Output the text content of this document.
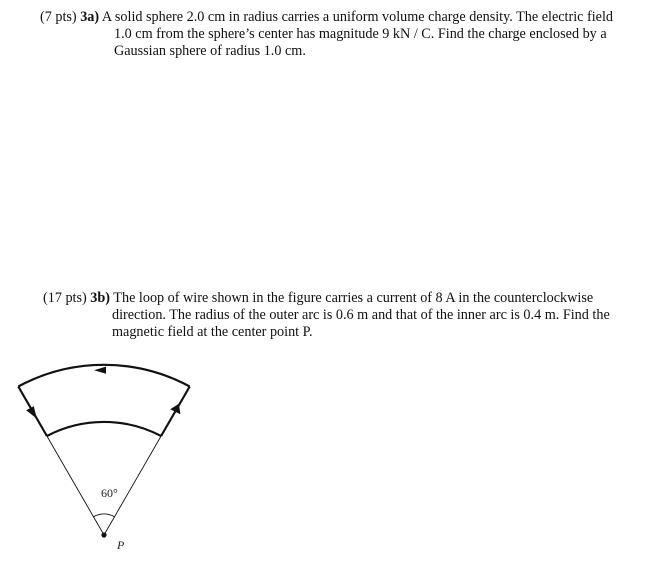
(7 pts) 3a) A solid sphere 2.0 cm in radius carries a uniform volume charge density. The electric field
1.0 cm from the sphere’s center has magnitude 9 kN / C. Find the charge enclosed by a
Gaussian sphere of radius 1.0 cm.
(17 pts) 3b) The loop of wire shown in the figure carries a current of 8 A in the counterclockwise
direction. The radius of the outer arc is 0.6 m and that of the inner arc is 0.4 m. Find the
magnetic field at the center point P.
60°
P
